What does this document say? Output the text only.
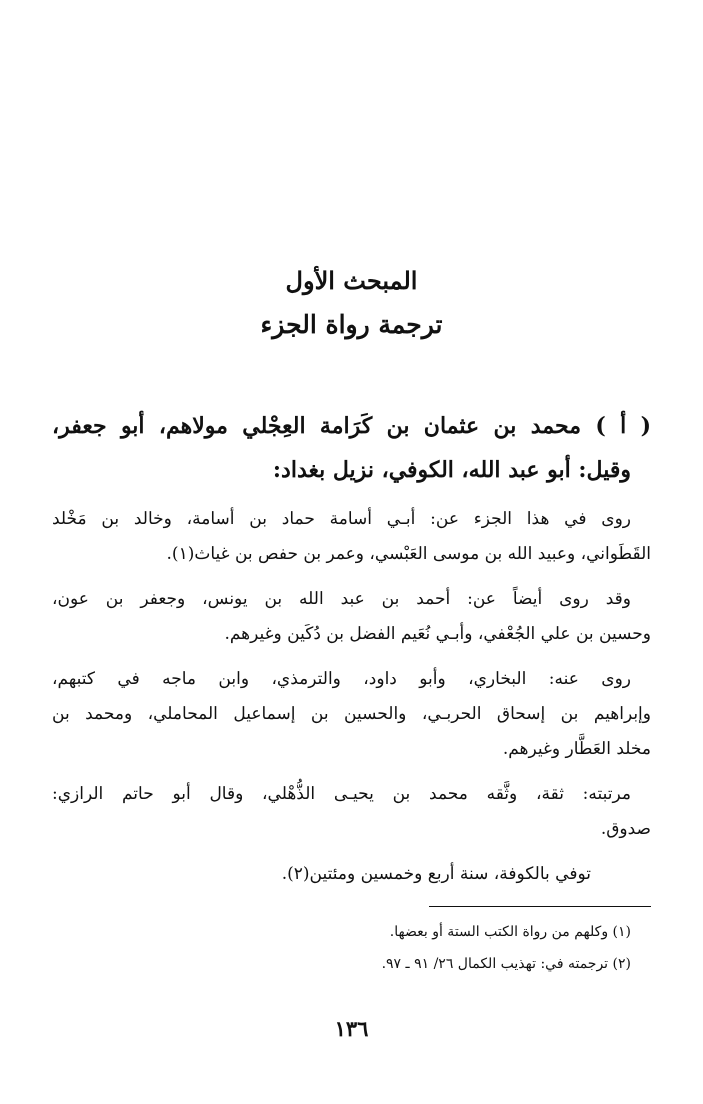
المبحث الأول

ترجمة رواة الجزء

( أ ) محمد بن عثمان بن كَرَامة العِجْلي مولاهم، أبو جعفر،

وقيل: أبو عبد الله، الكوفي، نزيل بغداد:

روى في هذا الجزء عن: أبـي أسامة حماد بن أسامة، وخالد بن مَخْلد

القَطَواني، وعبيد الله بن موسى العَبْسي، وعمر بن حفص بن غياث(١).

وقد روى أيضاً عن: أحمد بن عبد الله بن يونس، وجعفر بن عون،

وحسين بن علي الجُعْفي، وأبـي نُعَيم الفضل بن دُكَين وغيرهم.

روى عنه: البخاري، وأبو داود، والترمذي، وابن ماجه في كتبهم،

وإبراهيم بن إسحاق الحربـي، والحسين بن إسماعيل المحاملي، ومحمد بن

مخلد العَطَّار وغيرهم.

مرتبته: ثقة، وثَّقه محمد بن يحيـى الذُّهْلي، وقال أبو حاتم الرازي:

صدوق.

توفي بالكوفة، سنة أربع وخمسين ومئتين(٢).

(١) وكلهم من رواة الكتب الستة أو بعضها.

(٢) ترجمته في: تهذيب الكمال ٢٦/ ٩١ ـ ٩٧.

١٣٦
